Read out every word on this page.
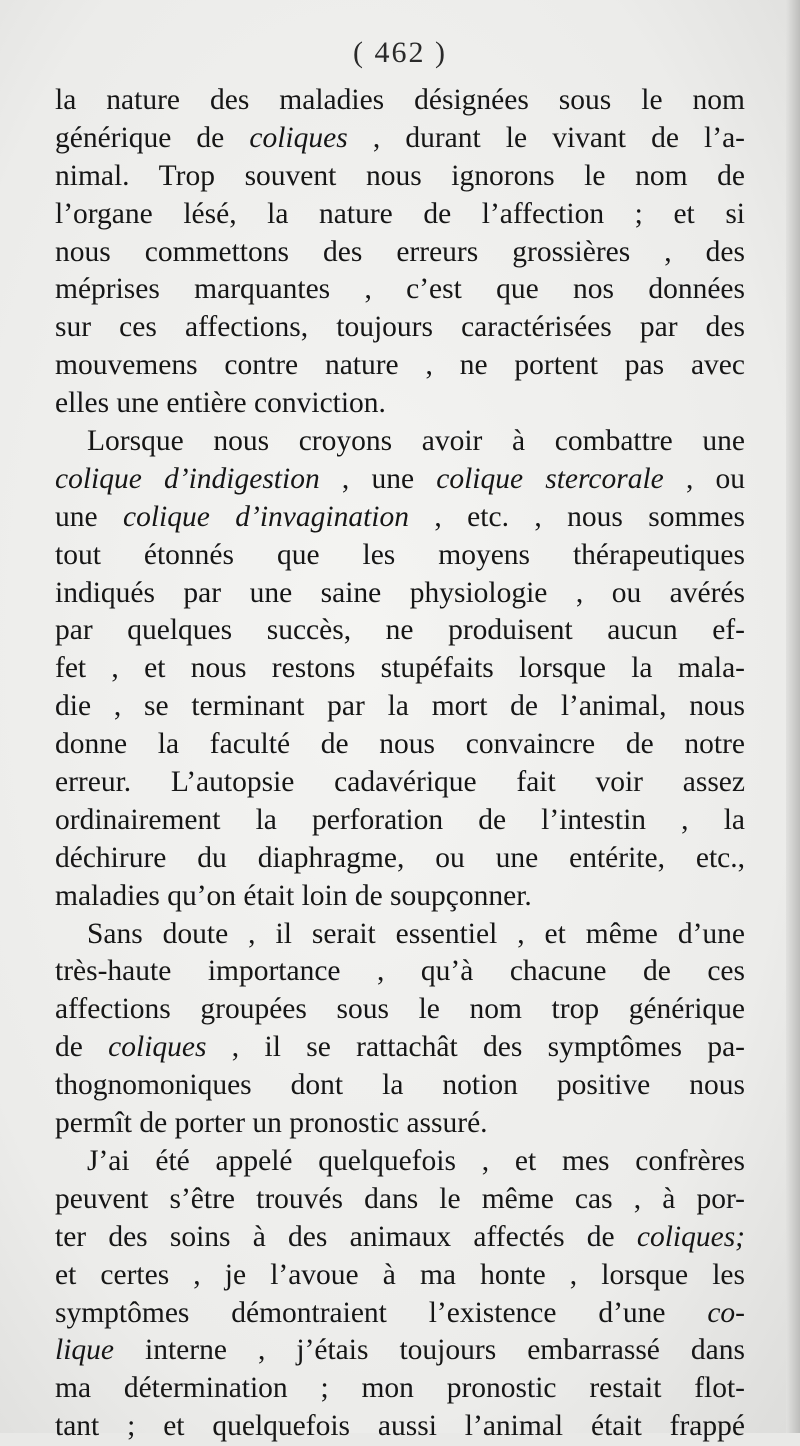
( 462 )
la nature des maladies désignées sous le nom
générique de coliques , durant le vivant de l’a-
nimal. Trop souvent nous ignorons le nom de
l’organe lésé, la nature de l’affection ; et si
nous commettons des erreurs grossières , des
méprises marquantes , c’est que nos données
sur ces affections, toujours caractérisées par des
mouvemens contre nature , ne portent pas avec
elles une entière conviction.
Lorsque nous croyons avoir à combattre une
colique d’indigestion , une colique stercorale , ou
une colique d’invagination , etc. , nous sommes
tout étonnés que les moyens thérapeutiques
indiqués par une saine physiologie , ou avérés
par quelques succès, ne produisent aucun ef-
fet , et nous restons stupéfaits lorsque la mala-
die , se terminant par la mort de l’animal, nous
donne la faculté de nous convaincre de notre
erreur. L’autopsie cadavérique fait voir assez
ordinairement la perforation de l’intestin , la
déchirure du diaphragme, ou une entérite, etc.,
maladies qu’on était loin de soupçonner.
Sans doute , il serait essentiel , et même d’une
très-haute importance , qu’à chacune de ces
affections groupées sous le nom trop générique
de coliques , il se rattachât des symptômes pa-
thognomoniques dont la notion positive nous
permît de porter un pronostic assuré.
J’ai été appelé quelquefois , et mes confrères
peuvent s’être trouvés dans le même cas , à por-
ter des soins à des animaux affectés de coliques;
et certes , je l’avoue à ma honte , lorsque les
symptômes démontraient l’existence d’une co-
lique interne , j’étais toujours embarrassé dans
ma détermination ; mon pronostic restait flot-
tant ; et quelquefois aussi l’animal était frappé
